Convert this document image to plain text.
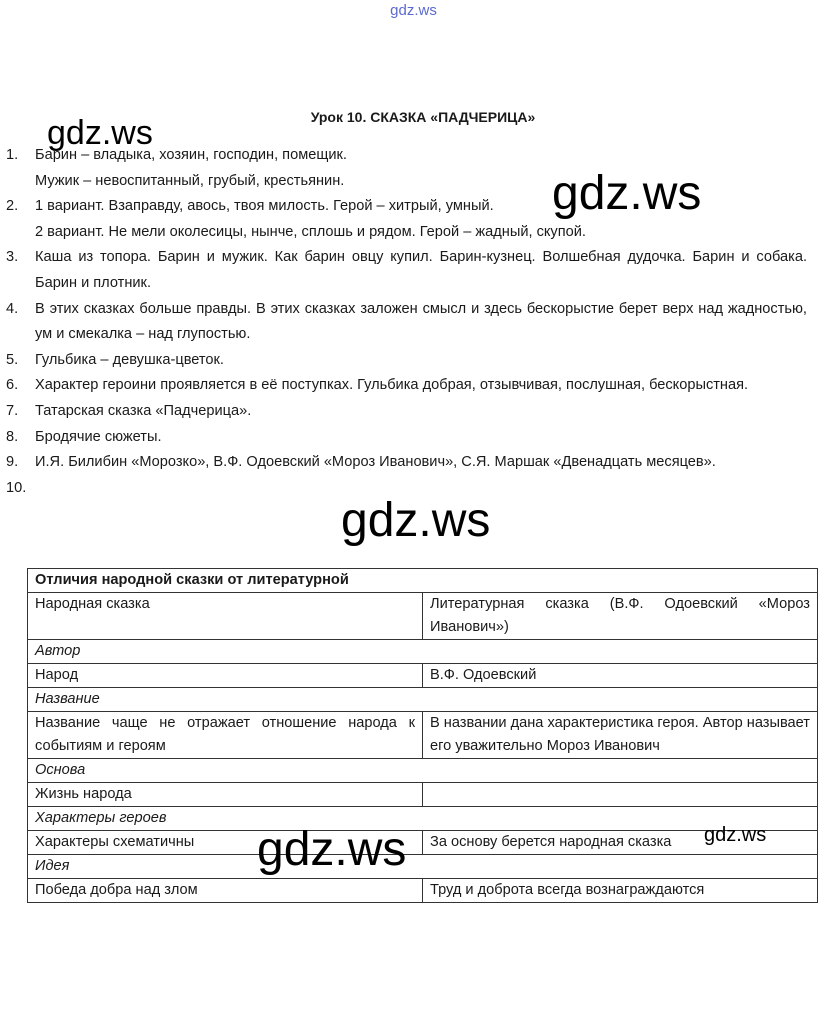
gdz.ws
Урок 10. СКАЗКА «ПАДЧЕРИЦА»
1. Барин – владыка, хозяин, господин, помещик.
Мужик – невоспитанный, грубый, крестьянин.
2. 1 вариант. Взаправду, авось, твоя милость. Герой – хитрый, умный.
2 вариант. Не мели околесицы, нынче, сплошь и рядом. Герой – жадный, скупой.
3. Каша из топора. Барин и мужик. Как барин овцу купил. Барин-кузнец. Волшебная дудочка. Барин и собака. Барин и плотник.
4. В этих сказках больше правды. В этих сказках заложен смысл и здесь бескорыстие берет верх над жадностью, ум и смекалка – над глупостью.
5. Гульбика – девушка-цветок.
6. Характер героини проявляется в её поступках. Гульбика добрая, отзывчивая, послушная, бескорыстная.
7. Татарская сказка «Падчерица».
8. Бродячие сюжеты.
9. И.Я. Билибин «Морозко», В.Ф. Одоевский «Мороз Иванович», С.Я. Маршак «Двенадцать месяцев».
10.
Отличия народной сказки от литературной	
Народная сказка	Литературная сказка (В.Ф. Одоевский «Мороз Иванович»)
Автор	
Народ	В.Ф. Одоевский
Название	
Название чаще не отражает отношение народа к событиям и героям	В названии дана характеристика героя. Автор называет его уважительно Мороз Иванович
Основа	
Жизнь народа	
Характеры героев	
Характеры схематичны	За основу берется народная сказка
Идея	
Победа добра над злом	Труд и доброта всегда вознаграждаются
gdz.ws
gdz.ws
gdz.ws
gdz.ws	gdz.ws
